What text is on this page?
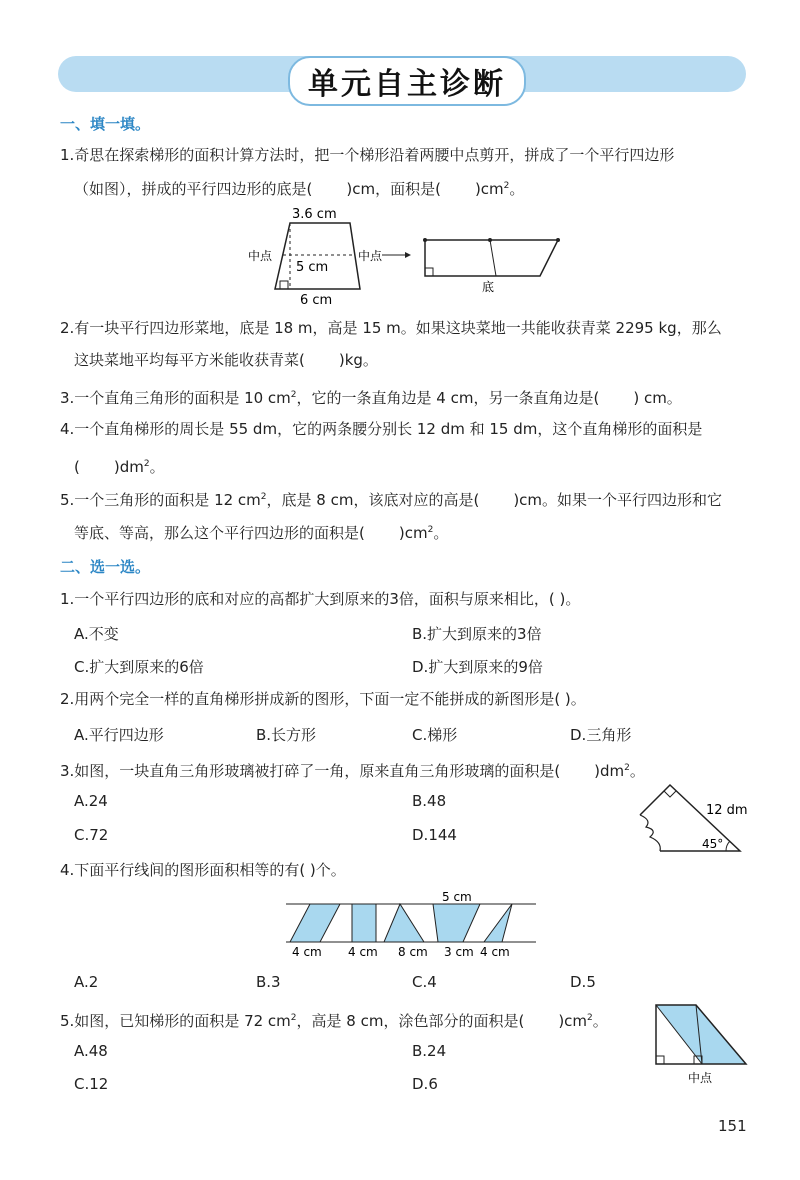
单元自主诊断
一、填一填。
1.奇思在探索梯形的面积计算方法时，把一个梯形沿着两腰中点剪开，拼成了一个平行四边形
（如图），拼成的平行四边形的底是( )cm，面积是( )$cm^2$。
3.6 cm
5 cm
6 cm
中点	中点
底
2.有一块平行四边形菜地，底是 18 m，高是 15 m。如果这块菜地一共能收获青菜 2295 kg，那么
这块菜地平均每平方米能收获青菜( )kg。
3.一个直角三角形的面积是 10 $cm^2$，它的一条直角边是 4 cm，另一条直角边是( ) cm。
4.一个直角梯形的周长是 55 dm，它的两条腰分别长 12 dm 和 15 dm，这个直角梯形的面积是
( )$dm^2$。
5.一个三角形的面积是 12 $cm^2$，底是 8 cm，该底对应的高是( )cm。如果一个平行四边形和它
等底、等高，那么这个平行四边形的面积是( )$cm^2$。
二、选一选。
1.一个平行四边形的底和对应的高都扩大到原来的3倍，面积与原来相比，( )。
A.不变	B.扩大到原来的3倍
C.扩大到原来的6倍	D.扩大到原来的9倍
2.用两个完全一样的直角梯形拼成新的图形，下面一定不能拼成的新图形是( )。
A.平行四边形	B.长方形	C.梯形	D.三角形
3.如图，一块直角三角形玻璃被打碎了一角，原来直角三角形玻璃的面积是( )$dm^2$。
A.24	B.48
C.72	D.144
12 dm
45°
4.下面平行线间的图形面积相等的有( )个。
5 cm
4 cm 4 cm 8 cm 3 cm 4 cm
A.2	B.3	C.4	D.5
5.如图，已知梯形的面积是 72 $cm^2$，高是 8 cm，涂色部分的面积是( )$cm^2$。
A.48	B.24
C.12	D.6	中点
151
